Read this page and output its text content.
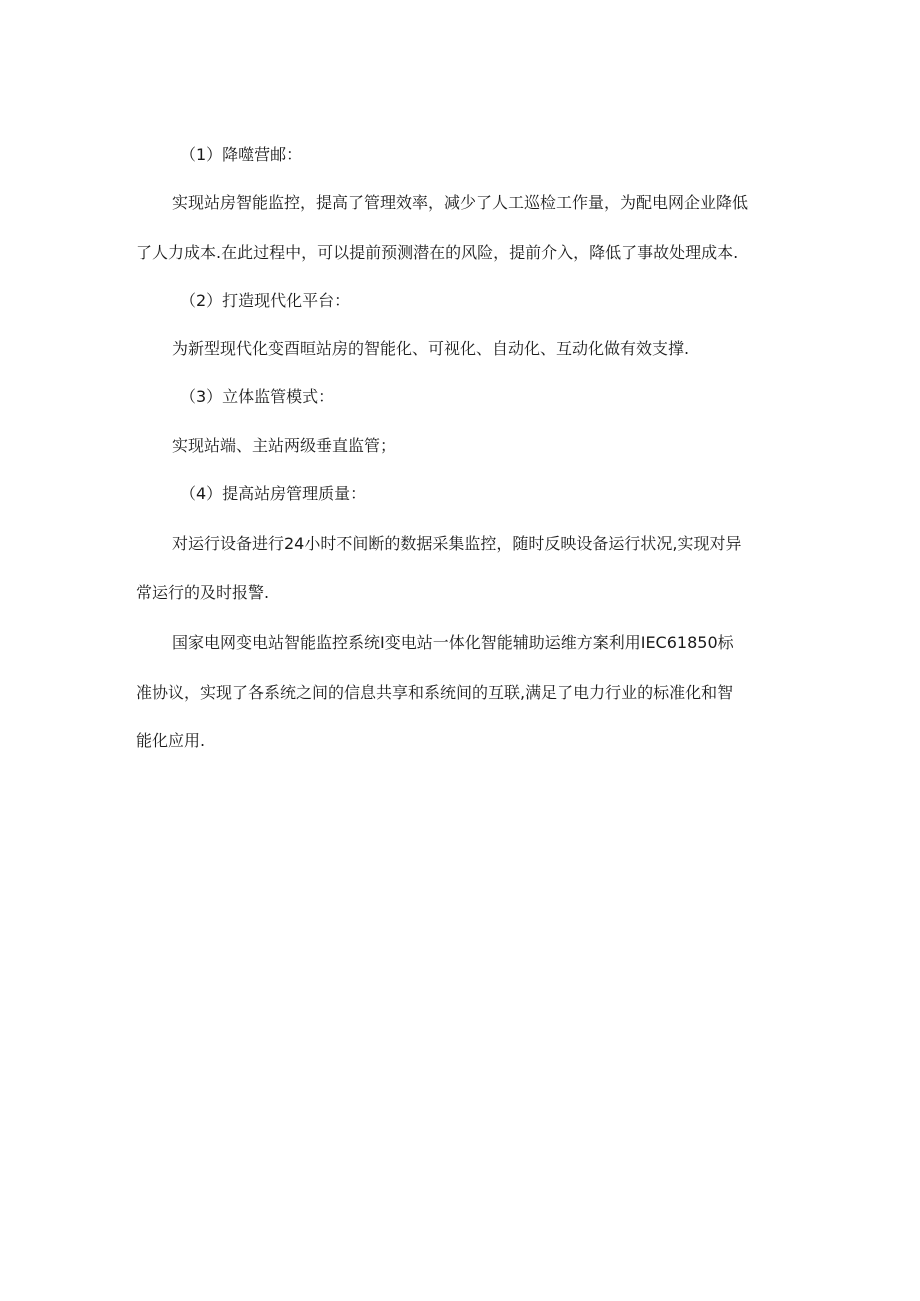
（1）降噬营邮：
实现站房智能监控，提高了管理效率，减少了人工巡检工作量，为配电网企业降低
了人力成本.在此过程中，可以提前预测潜在的风险，提前介入，降低了事故处理成本.
（2）打造现代化平台：
为新型现代化变酉晅站房的智能化、可视化、自动化、互动化做有效支撑.
（3）立体监管模式：
实现站端、主站两级垂直监管；
（4）提高站房管理质量：
对运行设备进行24小时不间断的数据采集监控，随时反映设备运行状况,实现对异
常运行的及时报警.
国家电网变电站智能监控系统I变电站一体化智能辅助运维方案利用IEC61850标
准协议，实现了各系统之间的信息共享和系统间的互联,满足了电力行业的标准化和智
能化应用.
